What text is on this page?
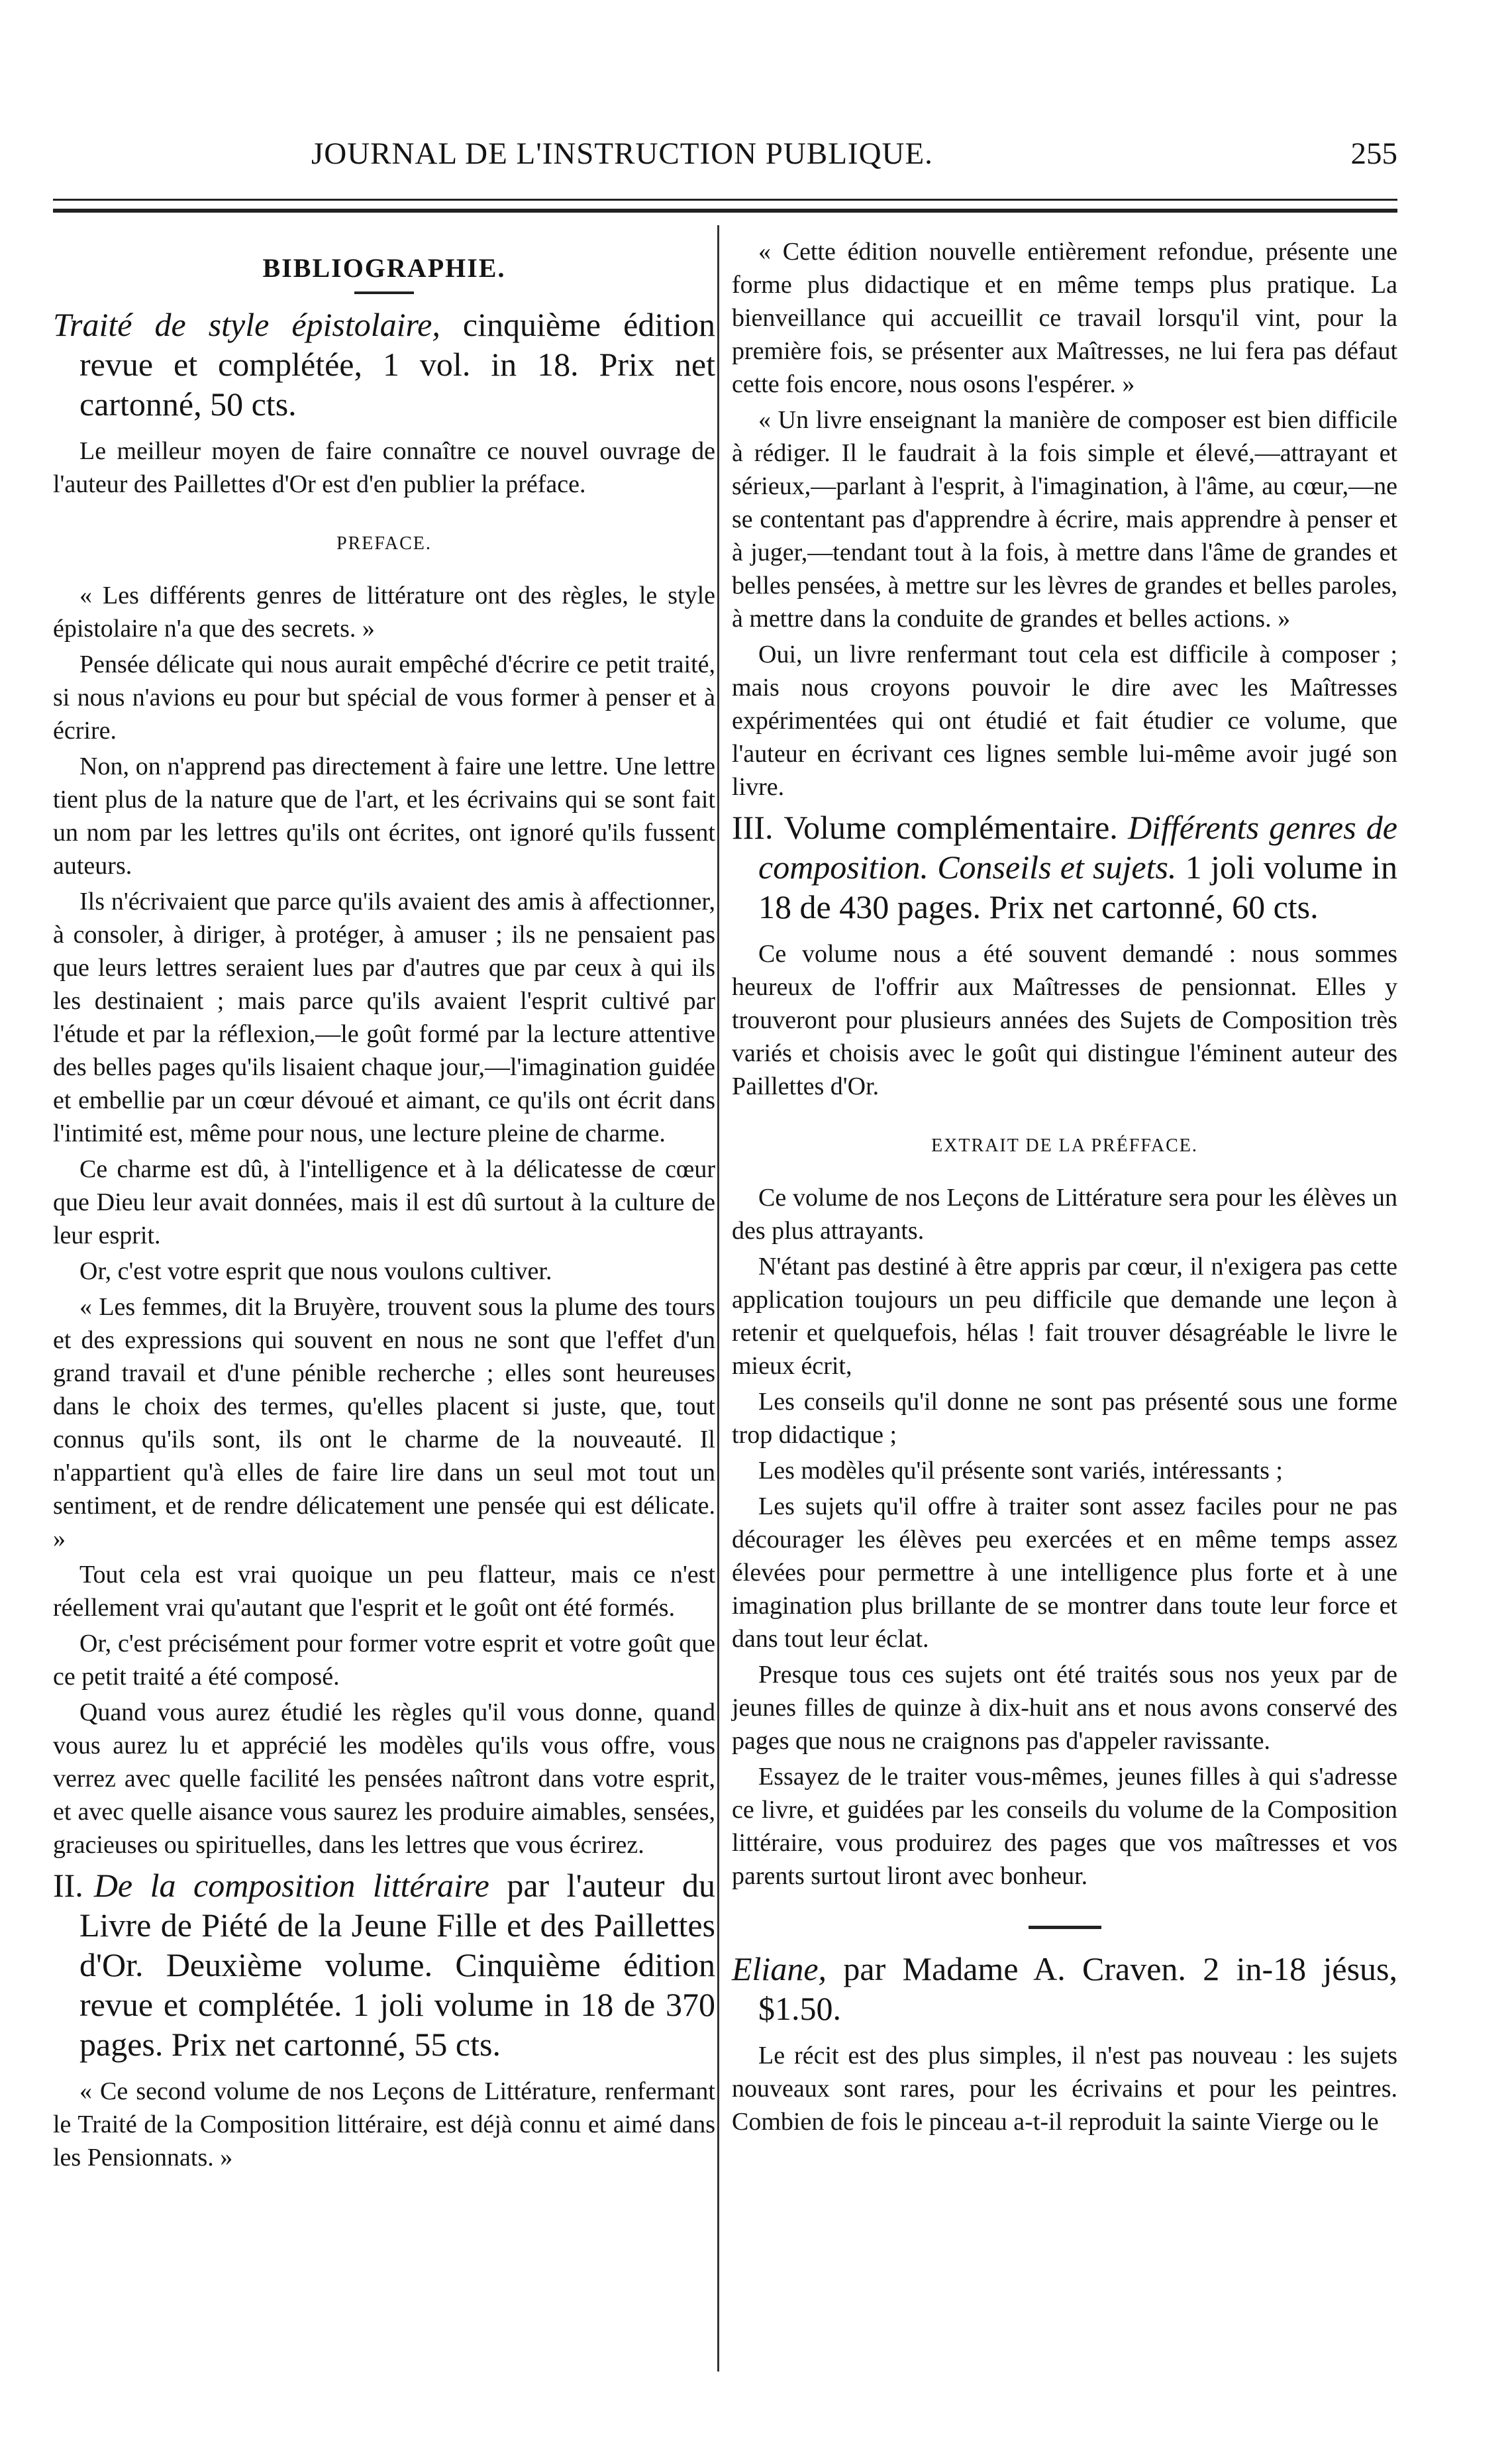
JOURNAL DE L'INSTRUCTION PUBLIQUE.	255
BIBLIOGRAPHIE.

Traité de style épistolaire, cinquième édition revue et complétée, 1 vol. in 18. Prix net cartonné, 50 cts.

Le meilleur moyen de faire connaître ce nouvel ouvrage de l'auteur des Paillettes d'Or est d'en publier la préface.

PREFACE.

« Les différents genres de littérature ont des règles, le style épistolaire n'a que des secrets. »

Pensée délicate qui nous aurait empêché d'écrire ce petit traité, si nous n'avions eu pour but spécial de vous former à penser et à écrire.

Non, on n'apprend pas directement à faire une lettre. Une lettre tient plus de la nature que de l'art, et les écrivains qui se sont fait un nom par les lettres qu'ils ont écrites, ont ignoré qu'ils fussent auteurs.

Ils n'écrivaient que parce qu'ils avaient des amis à affectionner, à consoler, à diriger, à protéger, à amuser ; ils ne pensaient pas que leurs lettres seraient lues par d'autres que par ceux à qui ils les destinaient ; mais parce qu'ils avaient l'esprit cultivé par l'étude et par la réflexion,—le goût formé par la lecture attentive des belles pages qu'ils lisaient chaque jour,—l'imagination guidée et embellie par un cœur dévoué et aimant, ce qu'ils ont écrit dans l'intimité est, même pour nous, une lecture pleine de charme.

Ce charme est dû, à l'intelligence et à la délicatesse de cœur que Dieu leur avait données, mais il est dû surtout à la culture de leur esprit.

Or, c'est votre esprit que nous voulons cultiver.

« Les femmes, dit la Bruyère, trouvent sous la plume des tours et des expressions qui souvent en nous ne sont que l'effet d'un grand travail et d'une pénible recherche ; elles sont heureuses dans le choix des termes, qu'elles placent si juste, que, tout connus qu'ils sont, ils ont le charme de la nouveauté. Il n'appartient qu'à elles de faire lire dans un seul mot tout un sentiment, et de rendre délicatement une pensée qui est délicate. »

Tout cela est vrai quoique un peu flatteur, mais ce n'est réellement vrai qu'autant que l'esprit et le goût ont été formés.

Or, c'est précisément pour former votre esprit et votre goût que ce petit traité a été composé.

Quand vous aurez étudié les règles qu'il vous donne, quand vous aurez lu et apprécié les modèles qu'ils vous offre, vous verrez avec quelle facilité les pensées naîtront dans votre esprit, et avec quelle aisance vous saurez les produire aimables, sensées, gracieuses ou spirituelles, dans les lettres que vous écrirez.

II. De la composition littéraire par l'auteur du Livre de Piété de la Jeune Fille et des Paillettes d'Or. Deuxième volume. Cinquième édition revue et complétée. 1 joli volume in 18 de 370 pages. Prix net cartonné, 55 cts.

« Ce second volume de nos Leçons de Littérature, renfermant le Traité de la Composition littéraire, est déjà connu et aimé dans les Pensionnats. »

« Cette édition nouvelle entièrement refondue, présente une forme plus didactique et en même temps plus pratique. La bienveillance qui accueillit ce travail lorsqu'il vint, pour la première fois, se présenter aux Maîtresses, ne lui fera pas défaut cette fois encore, nous osons l'espérer. »

« Un livre enseignant la manière de composer est bien difficile à rédiger. Il le faudrait à la fois simple et élevé,—attrayant et sérieux,—parlant à l'esprit, à l'imagination, à l'âme, au cœur,—ne se contentant pas d'apprendre à écrire, mais apprendre à penser et à juger,—tendant tout à la fois, à mettre dans l'âme de grandes et belles pensées, à mettre sur les lèvres de grandes et belles paroles, à mettre dans la conduite de grandes et belles actions. »

Oui, un livre renfermant tout cela est difficile à composer ; mais nous croyons pouvoir le dire avec les Maîtresses expérimentées qui ont étudié et fait étudier ce volume, que l'auteur en écrivant ces lignes semble lui-même avoir jugé son livre.

III. Volume complémentaire. Différents genres de composition. Conseils et sujets. 1 joli volume in 18 de 430 pages. Prix net cartonné, 60 cts.

Ce volume nous a été souvent demandé : nous sommes heureux de l'offrir aux Maîtresses de pensionnat. Elles y trouveront pour plusieurs années des Sujets de Composition très variés et choisis avec le goût qui distingue l'éminent auteur des Paillettes d'Or.

EXTRAIT DE LA PRÉFFACE.

Ce volume de nos Leçons de Littérature sera pour les élèves un des plus attrayants.

N'étant pas destiné à être appris par cœur, il n'exigera pas cette application toujours un peu difficile que demande une leçon à retenir et quelquefois, hélas ! fait trouver désagréable le livre le mieux écrit,

Les conseils qu'il donne ne sont pas présenté sous une forme trop didactique ;

Les modèles qu'il présente sont variés, intéressants ;

Les sujets qu'il offre à traiter sont assez faciles pour ne pas décourager les élèves peu exercées et en même temps assez élevées pour permettre à une intelligence plus forte et à une imagination plus brillante de se montrer dans toute leur force et dans tout leur éclat.

Presque tous ces sujets ont été traités sous nos yeux par de jeunes filles de quinze à dix-huit ans et nous avons conservé des pages que nous ne craignons pas d'appeler ravissante.

Essayez de le traiter vous-mêmes, jeunes filles à qui s'adresse ce livre, et guidées par les conseils du volume de la Composition littéraire, vous produirez des pages que vos maîtresses et vos parents surtout liront avec bonheur.

Eliane, par Madame A. Craven. 2 in-18 jésus, $1.50.

Le récit est des plus simples, il n'est pas nouveau : les sujets nouveaux sont rares, pour les écrivains et pour les peintres. Combien de fois le pinceau a-t-il reproduit la sainte Vierge ou le
